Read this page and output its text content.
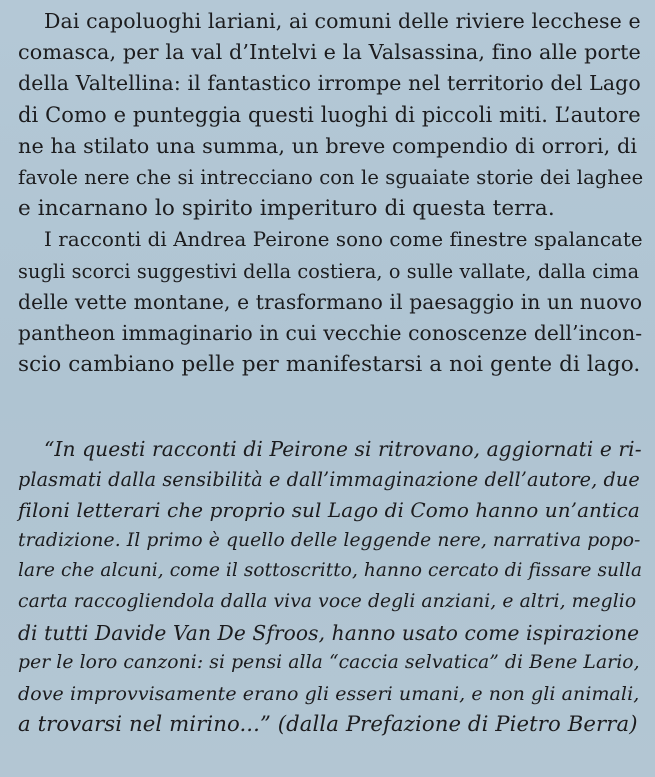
Dai capoluoghi lariani, ai comuni delle riviere lecchese e
comasca, per la val d’Intelvi e la Valsassina, fino alle porte
della Valtellina: il fantastico irrompe nel territorio del Lago
di Como e punteggia questi luoghi di piccoli miti. L’autore
ne ha stilato una summa, un breve compendio di orrori, di
favole nere che si intrecciano con le sguaiate storie dei laghee
e incarnano lo spirito imperituro di questa terra.
I racconti di Andrea Peirone sono come finestre spalancate
sugli scorci suggestivi della costiera, o sulle vallate, dalla cima
delle vette montane, e trasformano il paesaggio in un nuovo
pantheon immaginario in cui vecchie conoscenze dell’incon-
scio cambiano pelle per manifestarsi a noi gente di lago.
“In questi racconti di Peirone si ritrovano, aggiornati e ri-
plasmati dalla sensibilità e dall’immaginazione dell’autore, due
filoni letterari che proprio sul Lago di Como hanno un’antica
tradizione. Il primo è quello delle leggende nere, narrativa popo-
lare che alcuni, come il sottoscritto, hanno cercato di fissare sulla
carta raccogliendola dalla viva voce degli anziani, e altri, meglio
di tutti Davide Van De Sfroos, hanno usato come ispirazione
per le loro canzoni: si pensi alla “caccia selvatica” di Bene Lario,
dove improvvisamente erano gli esseri umani, e non gli animali,
a trovarsi nel mirino...” (dalla Prefazione di Pietro Berra)
